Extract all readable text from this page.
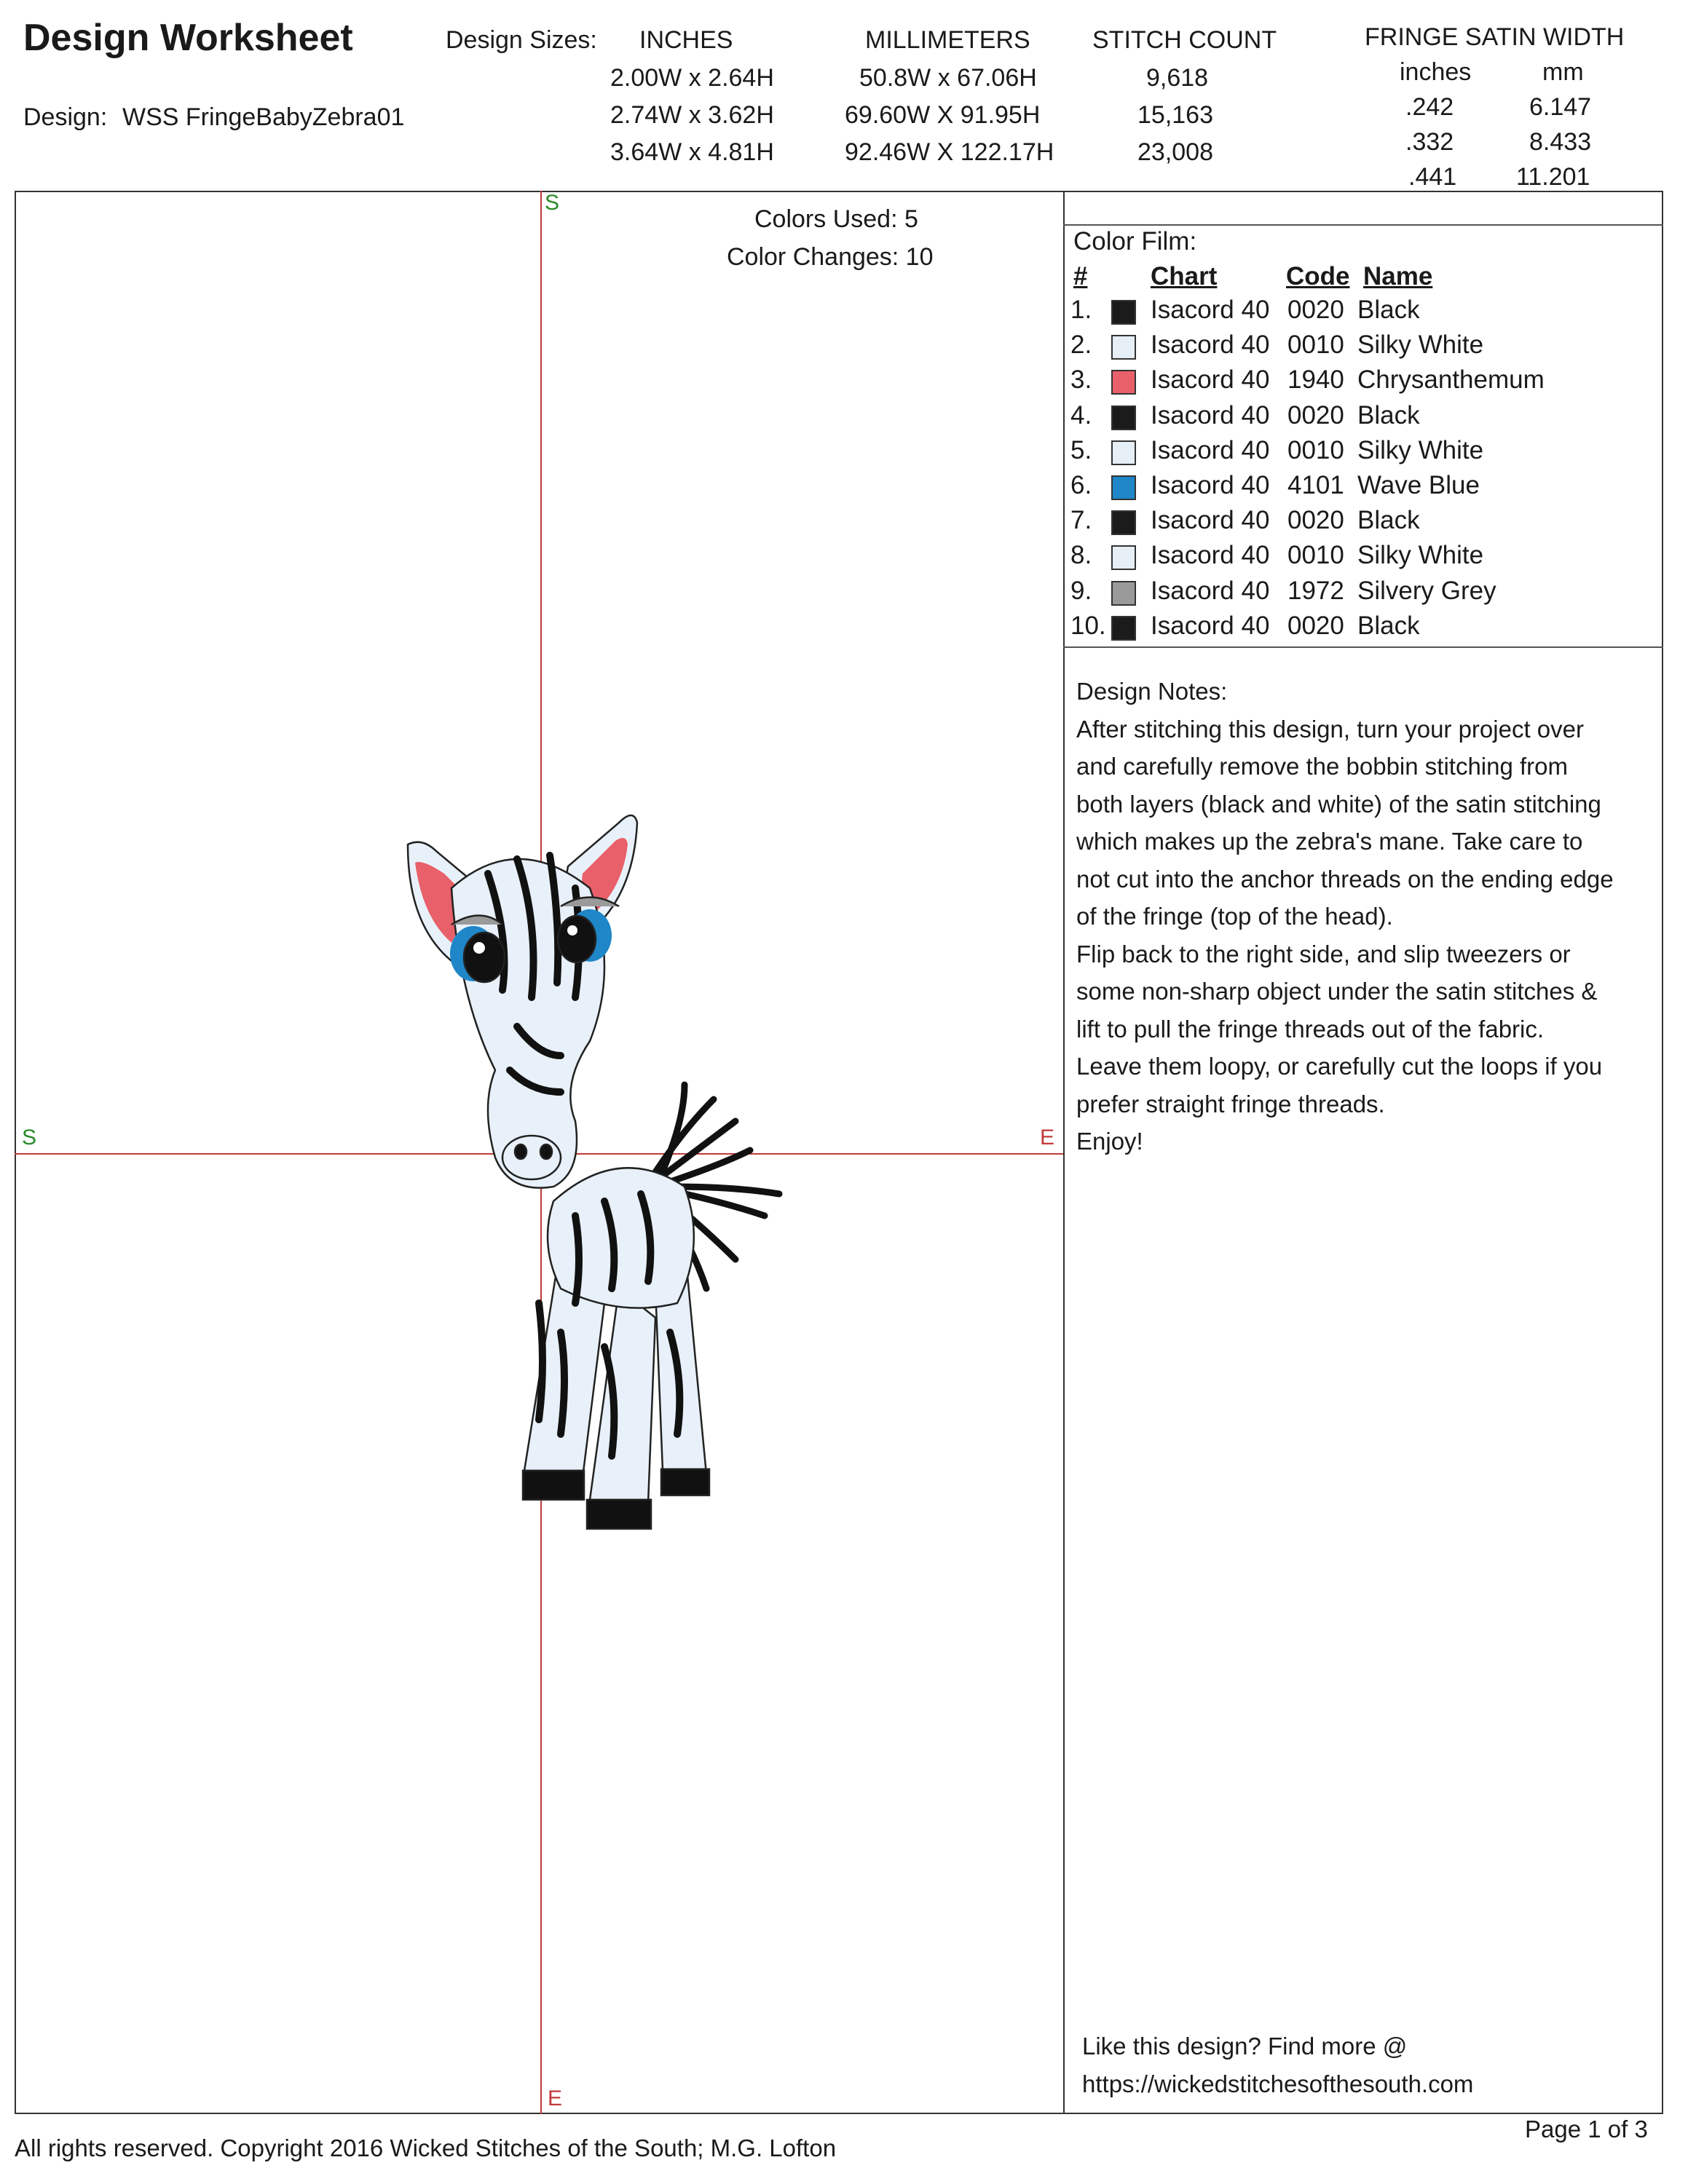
Design Worksheet	Design Sizes: INCHES	MILLIMETERS	STITCH COUNT	FRINGE SATIN WIDTH
inches	mm
Design: WSS FringeBabyZebra01
2.00W x 2.64H	50.8W x 67.06H	9,618
2.74W x 3.62H	69.60W X 91.95H	15,163
3.64W x 4.81H	92.46W X 122.17H	23,008
.242	6.147
.332	8.433
.441 11.201
S
S	E
E
Colors Used: 5
Color Changes: 10
Color Film:
# Chart	Code Name
1. Isacord 40 0020 Black
2. Isacord 40 0010 Silky White
3. Isacord 40 1940 Chrysanthemum
4. Isacord 40 0020 Black
5. Isacord 40 0010 Silky White
6. Isacord 40 4101 Wave Blue
7. Isacord 40 0020 Black
8. Isacord 40 0010 Silky White
9. Isacord 40 1972 Silvery Grey
10. Isacord 40 0020 Black

Design Notes:

After stitching this design, turn your project over

and carefully remove the bobbin stitching from

both layers (black and white) of the satin stitching

which makes up the zebra's mane. Take care to

not cut into the anchor threads on the ending edge

of the fringe (top of the head).

Flip back to the right side, and slip tweezers or

some non-sharp object under the satin stitches &

lift to pull the fringe threads out of the fabric.

Leave them loopy, or carefully cut the loops if you

prefer straight fringe threads.

Enjoy!

Like this design? Find more @
https://wickedstitchesofthesouth.com
All rights reserved. Copyright 2016 Wicked Stitches of the South; M.G. Lofton
Page 1 of 3
